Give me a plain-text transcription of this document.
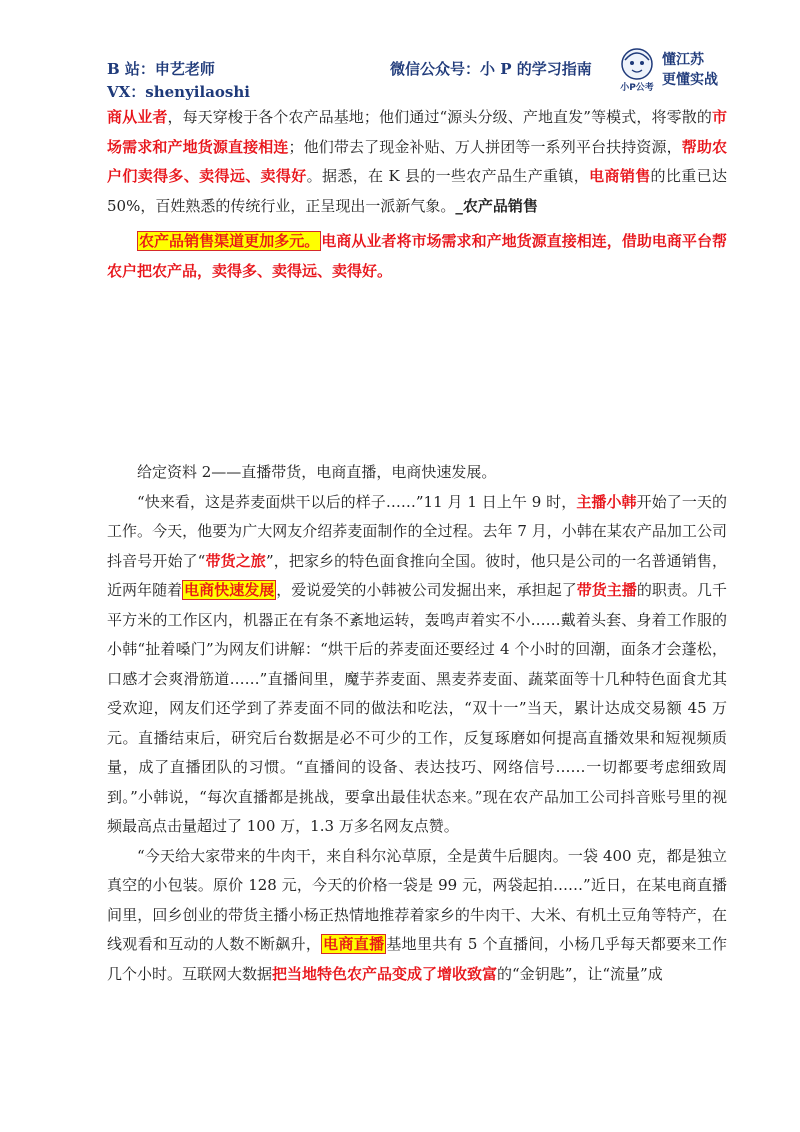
B 站：申艺老师
VX：shenyilaoshi
微信公众号：小 P 的学习指南
小P公考
懂江苏
更懂实战

商从业者，每天穿梭于各个农产品基地；他们通过“源头分级、产地直发”等模式，将零散的市场需求和产地货源直接相连；他们带去了现金补贴、万人拼团等一系列平台扶持资源，帮助农户们卖得多、卖得远、卖得好。据悉，在 K 县的一些农产品生产重镇，电商销售的比重已达 50%，百姓熟悉的传统行业，正呈现出一派新气象。_农产品销售

农产品销售渠道更加多元。 电商从业者将市场需求和产地货源直接相连，借助电商平台帮农户把农产品，卖得多、卖得远、卖得好。

给定资料 2——直播带货，电商直播，电商快速发展。

“快来看，这是荞麦面烘干以后的样子……”11 月 1 日上午 9 时，主播小韩开始了一天的工作。今天，他要为广大网友介绍荞麦面制作的全过程。去年 7 月，小韩在某农产品加工公司抖音号开始了“带货之旅”，把家乡的特色面食推向全国。彼时，他只是公司的一名普通销售，近两年随着 电商快速发展 ，爱说爱笑的小韩被公司发掘出来，承担起了带货主播的职责。几千平方米的工作区内，机器正在有条不紊地运转，轰鸣声着实不小……戴着头套、身着工作服的小韩“扯着嗓门”为网友们讲解：“烘干后的荞麦面还要经过 4 个小时的回潮，面条才会蓬松，口感才会爽滑筋道……”直播间里，魔芋荞麦面、黑麦荞麦面、蔬菜面等十几种特色面食尤其受欢迎，网友们还学到了荞麦面不同的做法和吃法，“双十一”当天，累计达成交易额 45 万元。直播结束后，研究后台数据是必不可少的工作，反复琢磨如何提高直播效果和短视频质量，成了直播团队的习惯。“直播间的设备、表达技巧、网络信号……一切都要考虑细致周到。”小韩说，“每次直播都是挑战，要拿出最佳状态来。”现在农产品加工公司抖音账号里的视频最高点击量超过了 100 万，1.3 万多名网友点赞。

“今天给大家带来的牛肉干，来自科尔沁草原，全是黄牛后腿肉。一袋 400 克，都是独立真空的小包装。原价 128 元，今天的价格一袋是 99 元，两袋起拍……”近日，在某电商直播间里，回乡创业的带货主播小杨正热情地推荐着家乡的牛肉干、大米、有机土豆角等特产，在线观看和互动的人数不断飙升， 电商直播 基地里共有 5 个直播间，小杨几乎每天都要来工作几个小时。互联网大数据把当地特色农产品变成了增收致富的“金钥匙”，让“流量”成
